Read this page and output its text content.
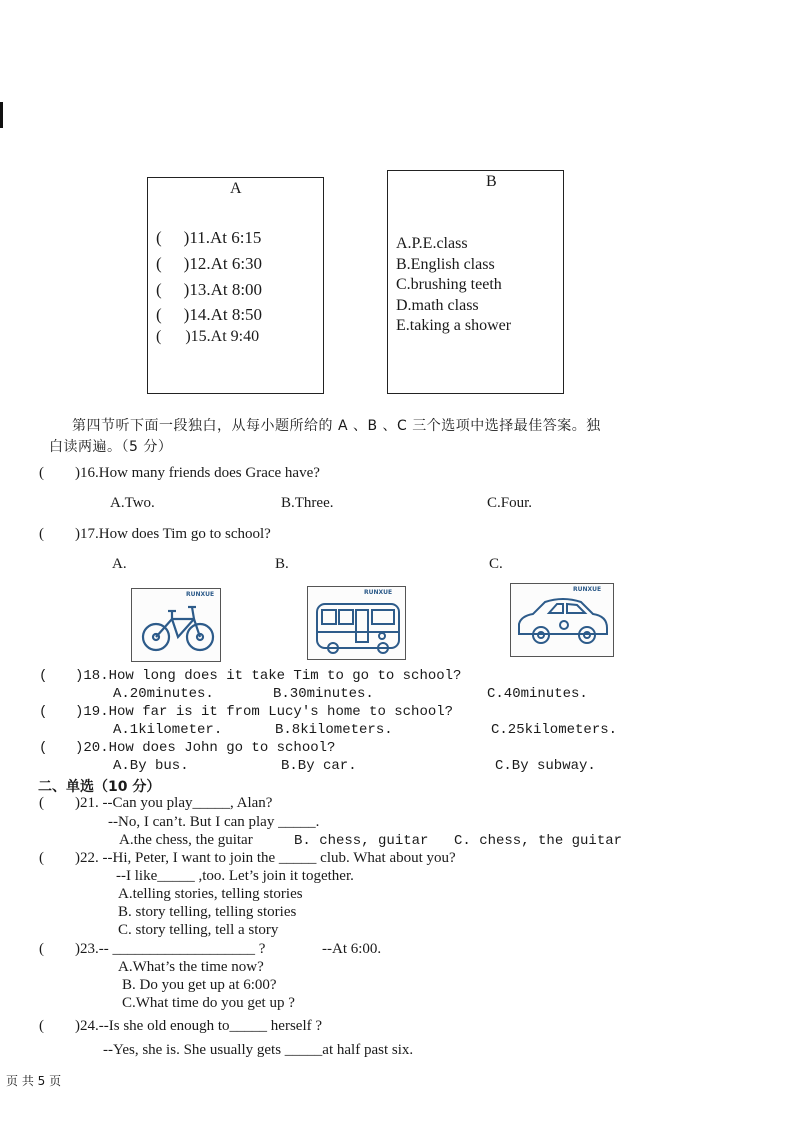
A
( )11.At 6:15
( )12.At 6:30
( )13.At 8:00
( )14.At 8:50
( )15.At 9:40
B
A.P.E.class
B.English class
C.brushing teeth
D.math class
E.taking a shower
第四节听下面一段独白，从每小题所给的 A 、B 、C 三个选项中选择最佳答案。独
白读两遍。（5 分）
( )16.How many friends does Grace have?
A.Two.	B.Three.	C.Four.
( )17.How does Tim go to school?
A.	B.	C.
RUNXUE	RUNXUE	RUNXUE
( )18.How long does it take Tim to go to school?
A.20minutes.	B.30minutes.	C.40minutes.
( )19.How far is it from Lucy's home to school?
A.1kilometer.	B.8kilometers.	C.25kilometers.
( )20.How does John go to school?
A.By bus.	B.By car.	C.By subway.
二、单选（10 分）
( )21. --Can you play_____, Alan?
--No, I can’t. But I can play _____.
A.the chess, the guitar	B. chess, guitar C. chess, the guitar
( )22. --Hi, Peter, I want to join the _____ club. What about you?
--I like_____ ,too. Let’s join it together.
A.telling stories, telling stories
B. story telling, telling stories
C. story telling, tell a story
( )23.-- ___________________ ?	--At 6:00.
A.What’s the time now?
B. Do you get up at 6:00?
C.What time do you get up ?
( )24.--Is she old enough to_____ herself ?
--Yes, she is. She usually gets _____at half past six.
页 共 5 页
